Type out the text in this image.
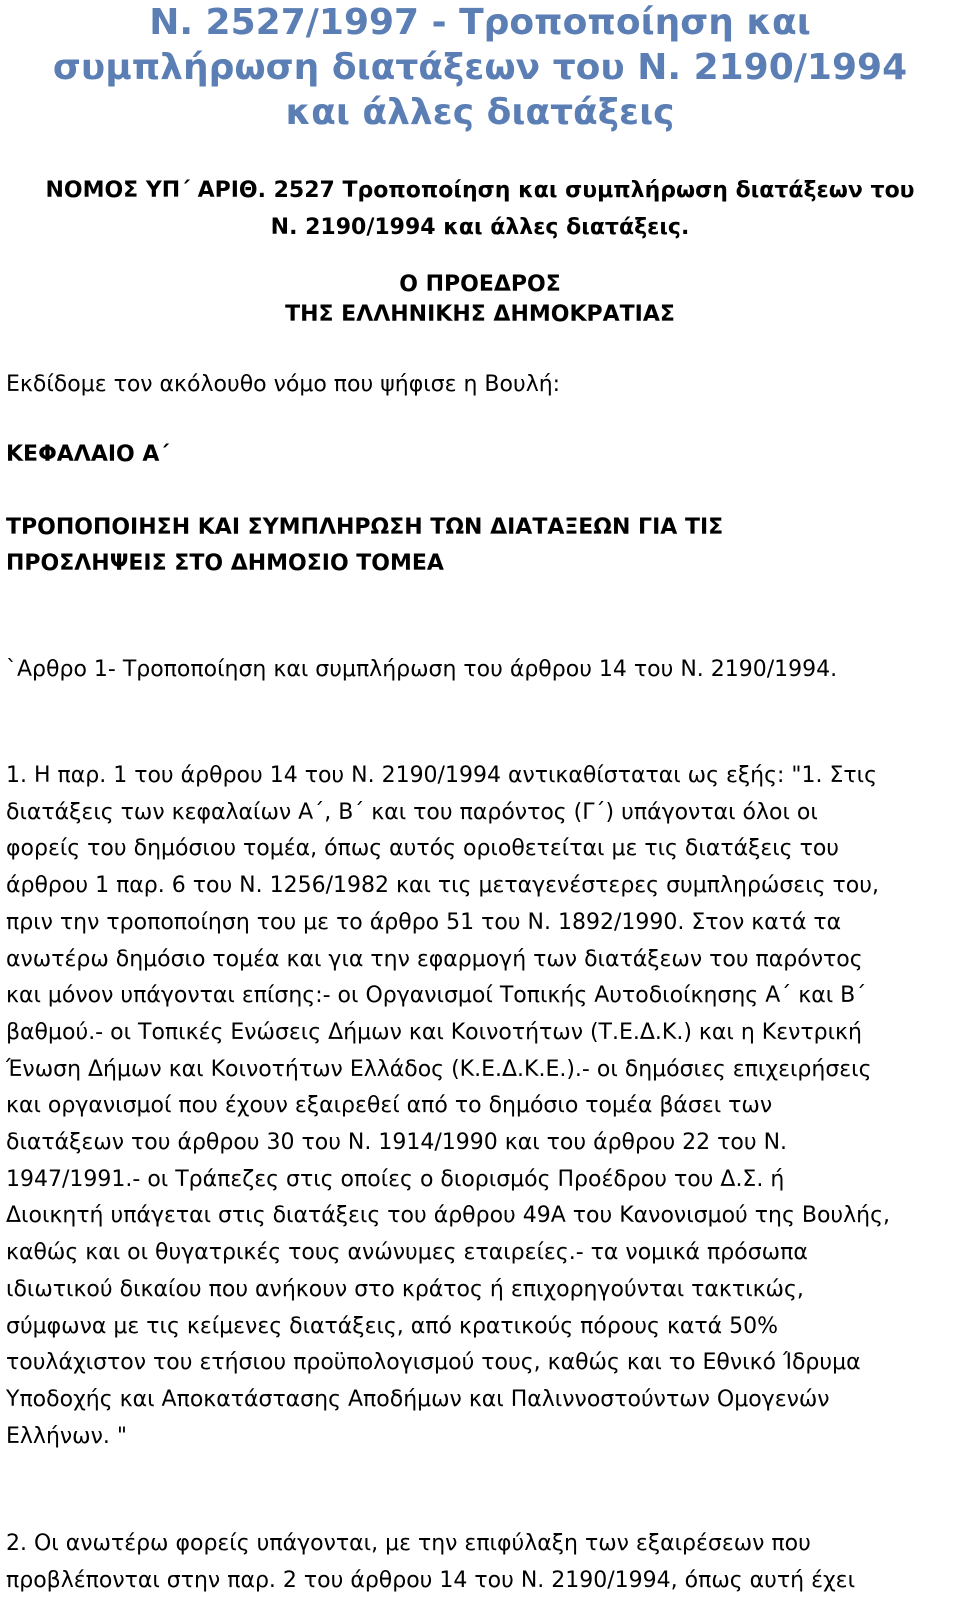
Ν. 2527/1997 - Τροποποίηση και
συμπλήρωση διατάξεων του Ν. 2190/1994
και άλλες διατάξεις
ΝΟΜΟΣ ΥΠ΄ ΑΡΙΘ. 2527 Τροποποίηση και συμπλήρωση διατάξεων του
Ν. 2190/1994 και άλλες διατάξεις.
Ο ΠΡΟΕΔΡΟΣ
ΤΗΣ ΕΛΛΗΝΙΚΗΣ ΔΗΜΟΚΡΑΤΙΑΣ
Εκδίδομε τον ακόλουθο νόμο που ψήφισε η Βουλή:
ΚΕΦΑΛΑΙΟ Α΄
ΤΡΟΠΟΠΟΙΗΣΗ ΚΑΙ ΣΥΜΠΛΗΡΩΣΗ ΤΩΝ ΔΙΑΤΑΞΕΩΝ ΓΙΑ ΤΙΣ
ΠΡΟΣΛΗΨΕΙΣ ΣΤΟ ΔΗΜΟΣΙΟ ΤΟΜΕΑ
`Αρθρο 1- Τροποποίηση και συμπλήρωση του άρθρου 14 του Ν. 2190/1994.
1. Η παρ. 1 του άρθρου 14 του Ν. 2190/1994 αντικαθίσταται ως εξής: "1. Στις
διατάξεις των κεφαλαίων Α΄, Β΄ και του παρόντος (Γ΄) υπάγονται όλοι οι
φορείς του δημόσιου τομέα, όπως αυτός οριοθετείται με τις διατάξεις του
άρθρου 1 παρ. 6 του Ν. 1256/1982 και τις μεταγενέστερες συμπληρώσεις του,
πριν την τροποποίηση του με το άρθρο 51 του Ν. 1892/1990. Στον κατά τα
ανωτέρω δημόσιο τομέα και για την εφαρμογή των διατάξεων του παρόντος
και μόνον υπάγονται επίσης:- οι Οργανισμοί Τοπικής Αυτοδιοίκησης Α΄ και Β΄
βαθμού.- οι Τοπικές Ενώσεις Δήμων και Κοινοτήτων (Τ.Ε.Δ.Κ.) και η Κεντρική
Ένωση Δήμων και Κοινοτήτων Ελλάδος (Κ.Ε.Δ.Κ.Ε.).- οι δημόσιες επιχειρήσεις
και οργανισμοί που έχουν εξαιρεθεί από το δημόσιο τομέα βάσει των
διατάξεων του άρθρου 30 του Ν. 1914/1990 και του άρθρου 22 του Ν.
1947/1991.- οι Τράπεζες στις οποίες ο διορισμός Προέδρου του Δ.Σ. ή
Διοικητή υπάγεται στις διατάξεις του άρθρου 49Α του Κανονισμού της Βουλής,
καθώς και οι θυγατρικές τους ανώνυμες εταιρείες.- τα νομικά πρόσωπα
ιδιωτικού δικαίου που ανήκουν στο κράτος ή επιχορηγούνται τακτικώς,
σύμφωνα με τις κείμενες διατάξεις, από κρατικούς πόρους κατά 50%
τουλάχιστον του ετήσιου προϋπολογισμού τους, καθώς και το Εθνικό Ίδρυμα
Υποδοχής και Αποκατάστασης Αποδήμων και Παλιννοστούντων Ομογενών
Ελλήνων. "
2. Οι ανωτέρω φορείς υπάγονται, με την επιφύλαξη των εξαιρέσεων που
προβλέπονται στην παρ. 2 του άρθρου 14 του Ν. 2190/1994, όπως αυτή έχει
